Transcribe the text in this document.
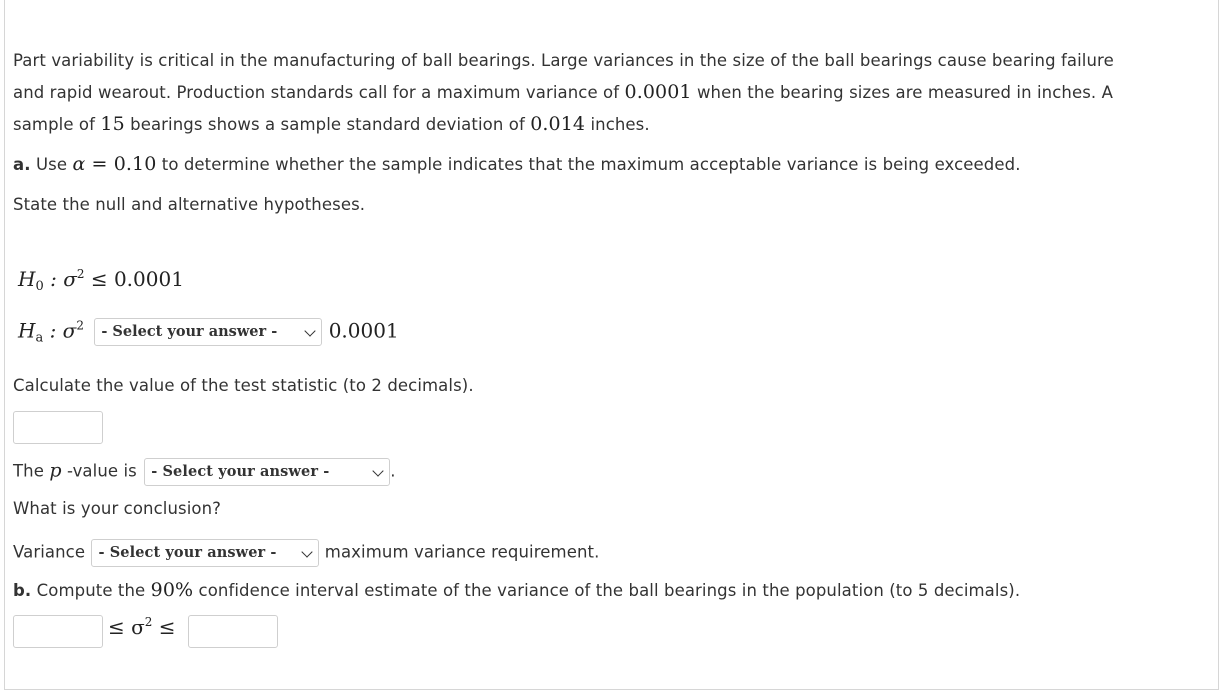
Part variability is critical in the manufacturing of ball bearings. Large variances in the size of the ball bearings cause bearing failure
and rapid wearout. Production standards call for a maximum variance of 0.0001 when the bearing sizes are measured in inches. A
sample of 15 bearings shows a sample standard deviation of 0.014 inches.
a. Use α = 0.10 to determine whether the sample indicates that the maximum acceptable variance is being exceeded.
State the null and alternative hypotheses.
$H_0$ : $\sigma^2 \le 0.0001$
$H_a$ : $\sigma^2$ - Select your answer -	0.0001
Calculate the value of the test statistic (to 2 decimals).
The p -value is - Select your answer -	.
What is your conclusion?
Variance - Select your answer -	maximum variance requirement.
b. Compute the 90% confidence interval estimate of the variance of the ball bearings in the population (to 5 decimals).
≤ $\sigma^2$ ≤
